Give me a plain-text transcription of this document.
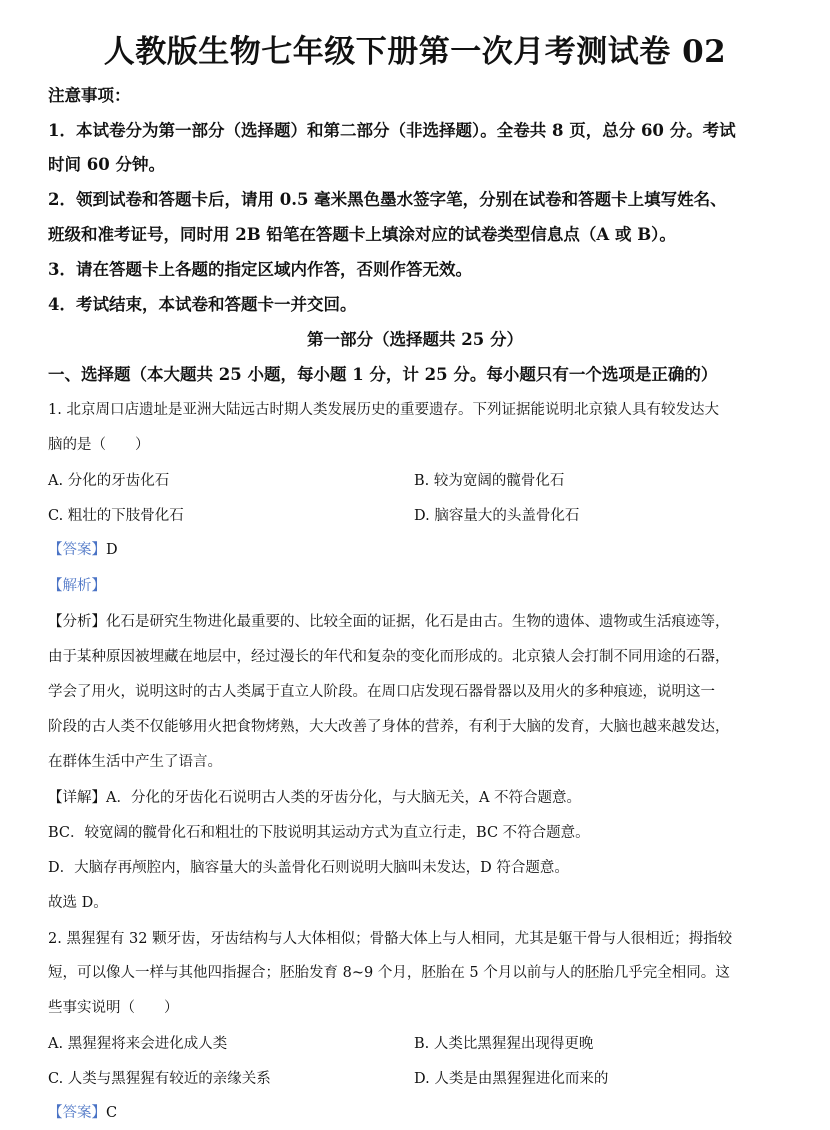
人教版生物七年级下册第一次月考测试卷 02
注意事项：
1．本试卷分为第一部分（选择题）和第二部分（非选择题）。全卷共 8 页，总分 60 分。考试
时间 60 分钟。
2．领到试卷和答题卡后，请用 0.5 毫米黑色墨水签字笔，分别在试卷和答题卡上填写姓名、
班级和准考证号，同时用 2B 铅笔在答题卡上填涂对应的试卷类型信息点（A 或 B）。
3．请在答题卡上各题的指定区域内作答，否则作答无效。
4．考试结束，本试卷和答题卡一并交回。
第一部分（选择题共 25 分）
一、选择题（本大题共 25 小题，每小题 1 分，计 25 分。每小题只有一个选项是正确的）
1. 北京周口店遗址是亚洲大陆远古时期人类发展历史的重要遗存。下列证据能说明北京猿人具有较发达大
脑的是（　　）
A. 分化的牙齿化石	B. 较为宽阔的髋骨化石
C. 粗壮的下肢骨化石	D. 脑容量大的头盖骨化石
【答案】D
【解析】
【分析】化石是研究生物进化最重要的、比较全面的证据，化石是由古。生物的遗体、遗物或生活痕迹等，
由于某种原因被埋藏在地层中，经过漫长的年代和复杂的变化而形成的。北京猿人会打制不同用途的石器，
学会了用火，说明这时的古人类属于直立人阶段。在周口店发现石器骨器以及用火的多种痕迹，说明这一
阶段的古人类不仅能够用火把食物烤熟，大大改善了身体的营养，有利于大脑的发育，大脑也越来越发达，
在群体生活中产生了语言。
【详解】A．分化的牙齿化石说明古人类的牙齿分化，与大脑无关，A 不符合题意。
BC．较宽阔的髋骨化石和粗壮的下肢说明其运动方式为直立行走，BC 不符合题意。
D．大脑存再颅腔内，脑容量大的头盖骨化石则说明大脑叫未发达，D 符合题意。
故选 D。
2. 黑猩猩有 32 颗牙齿，牙齿结构与人大体相似；骨骼大体上与人相同，尤其是躯干骨与人很相近；拇指较
短，可以像人一样与其他四指握合；胚胎发育 8~9 个月，胚胎在 5 个月以前与人的胚胎几乎完全相同。这
些事实说明（　　）
A. 黑猩猩将来会进化成人类	B. 人类比黑猩猩出现得更晚
C. 人类与黑猩猩有较近的亲缘关系	D. 人类是由黑猩猩进化而来的
【答案】C
